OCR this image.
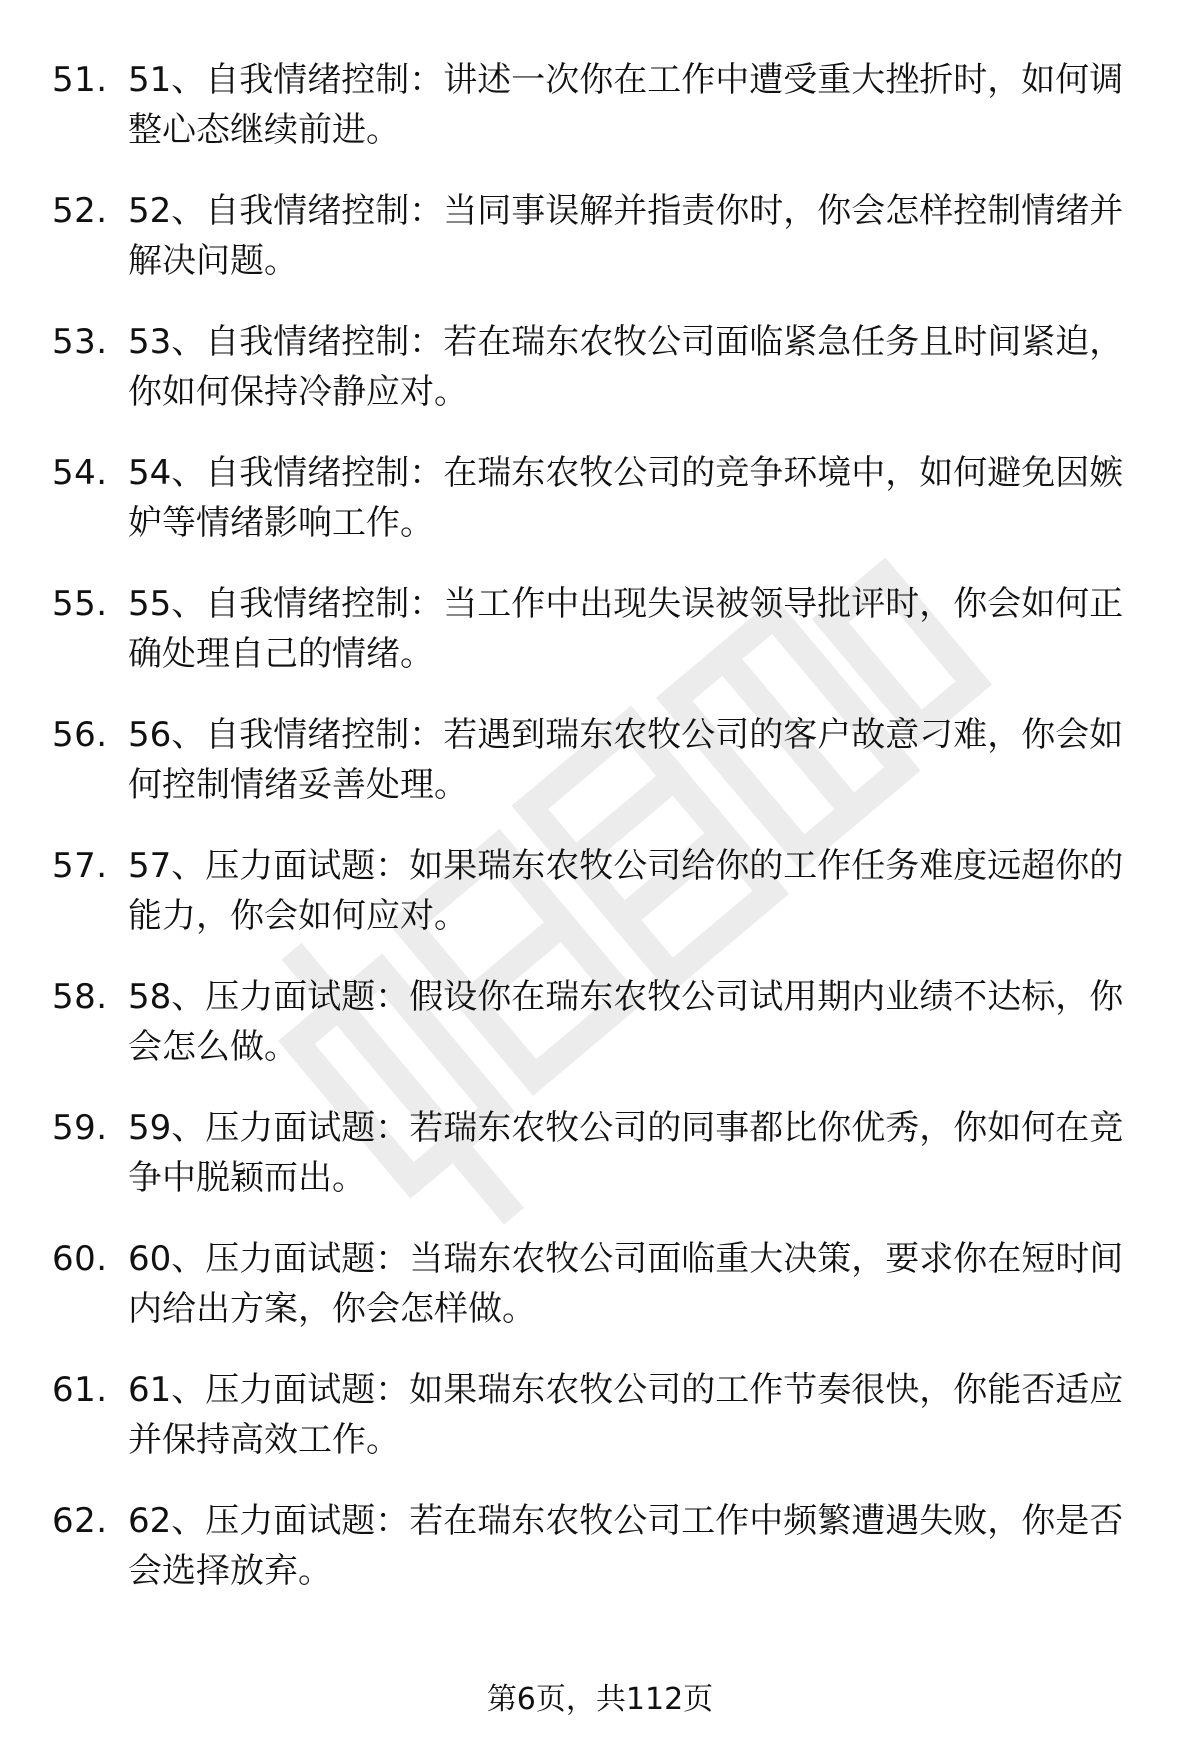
51. 51、自我情绪控制：讲述一次你在工作中遭受重大挫折时，如何调整心态继续前进。
52. 52、自我情绪控制：当同事误解并指责你时，你会怎样控制情绪并解决问题。
53. 53、自我情绪控制：若在瑞东农牧公司面临紧急任务且时间紧迫，你如何保持冷静应对。
54. 54、自我情绪控制：在瑞东农牧公司的竞争环境中，如何避免因嫉妒等情绪影响工作。
55. 55、自我情绪控制：当工作中出现失误被领导批评时，你会如何正确处理自己的情绪。
56. 56、自我情绪控制：若遇到瑞东农牧公司的客户故意刁难，你会如何控制情绪妥善处理。
57. 57、压力面试题：如果瑞东农牧公司给你的工作任务难度远超你的能力，你会如何应对。
58. 58、压力面试题：假设你在瑞东农牧公司试用期内业绩不达标，你会怎么做。
59. 59、压力面试题：若瑞东农牧公司的同事都比你优秀，你如何在竞争中脱颖而出。
60. 60、压力面试题：当瑞东农牧公司面临重大决策，要求你在短时间内给出方案，你会怎样做。
61. 61、压力面试题：如果瑞东农牧公司的工作节奏很快，你能否适应并保持高效工作。
62. 62、压力面试题：若在瑞东农牧公司工作中频繁遭遇失败，你是否会选择放弃。
第6页，共112页
